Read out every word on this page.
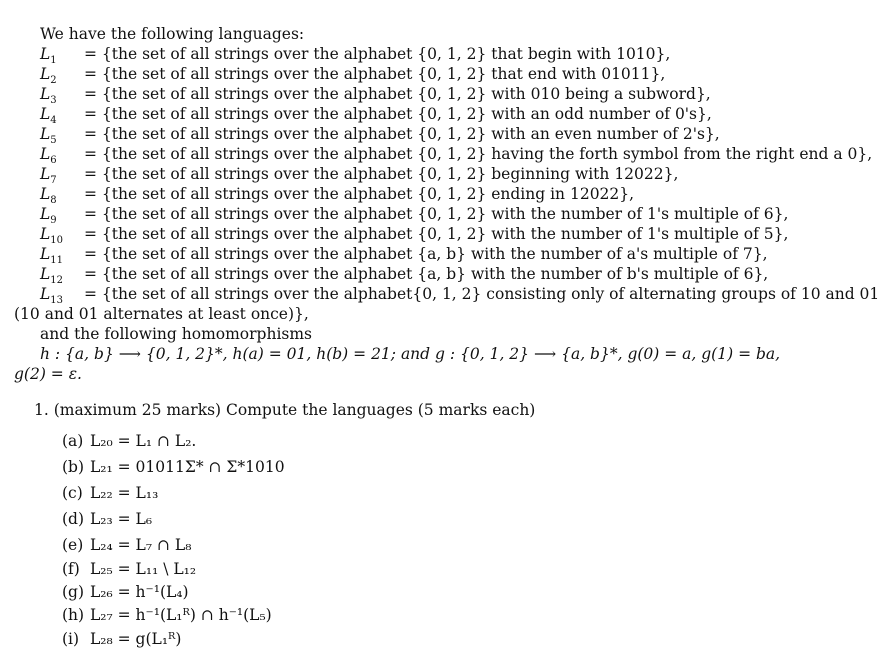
We have the following languages:
$L_1 = \{the$ set of all strings over the alphabet {0, 1, 2} that begin with 1010},
$L_2 = \{the$ set of all strings over the alphabet {0, 1, 2} that end with 01011},
$L_3 = \{the$ set of all strings over the alphabet {0, 1, 2} with 010 being a subword},
$L_4 = \{the$ set of all strings over the alphabet {0, 1, 2} with an odd number of 0's},
$L_5 = \{the$ set of all strings over the alphabet {0, 1, 2} with an even number of 2's},
$L_6 = \{the$ set of all strings over the alphabet {0, 1, 2} having the forth symbol from the right end a 0},
$L_7 = \{the$ set of all strings over the alphabet {0, 1, 2} beginning with 12022},
$L_8 = \{the$ set of all strings over the alphabet {0, 1, 2} ending in 12022},
$L_9 = \{the$ set of all strings over the alphabet {0, 1, 2} with the number of 1's multiple of 6},
$L_{10} = \{the$ set of all strings over the alphabet {0, 1, 2} with the number of 1's multiple of 5},
$L_{11} = \{the$ set of all strings over the alphabet {a, b} with the number of a's multiple of 7},
$L_{12} = \{the$ set of all strings over the alphabet {a, b} with the number of b's multiple of 6},
$L_{13} = \{the$ set of all strings over the alphabet{0, 1, 2} consisting only of alternating groups of 10 and 01
(10 and 01 alternates at least once)},
and the following homomorphisms
h : {a, b} ⟶ {0, 1, 2}*, h(a) = 01, h(b) = 21; and g : {0, 1, 2} ⟶ {a, b}*, g(0) = a, g(1) = ba,
g(2) = ε.
1. (maximum 25 marks) Compute the languages (5 marks each)
(a) L₂₀ = L₁ ∩ L₂.
(b) L₂₁ = 01011Σ* ∩ Σ*1010
(c) L₂₂ = L₁₃
(d) L₂₃ = L₆
(e) L₂₄ = L₇ ∩ L₈
(f) L₂₅ = L₁₁ \ L₁₂
(g) L₂₆ = h⁻¹(L₄)
(h) L₂₇ = h⁻¹(L₁ᴿ) ∩ h⁻¹(L₅)
(i) L₂₈ = g(L₁ᴿ)
